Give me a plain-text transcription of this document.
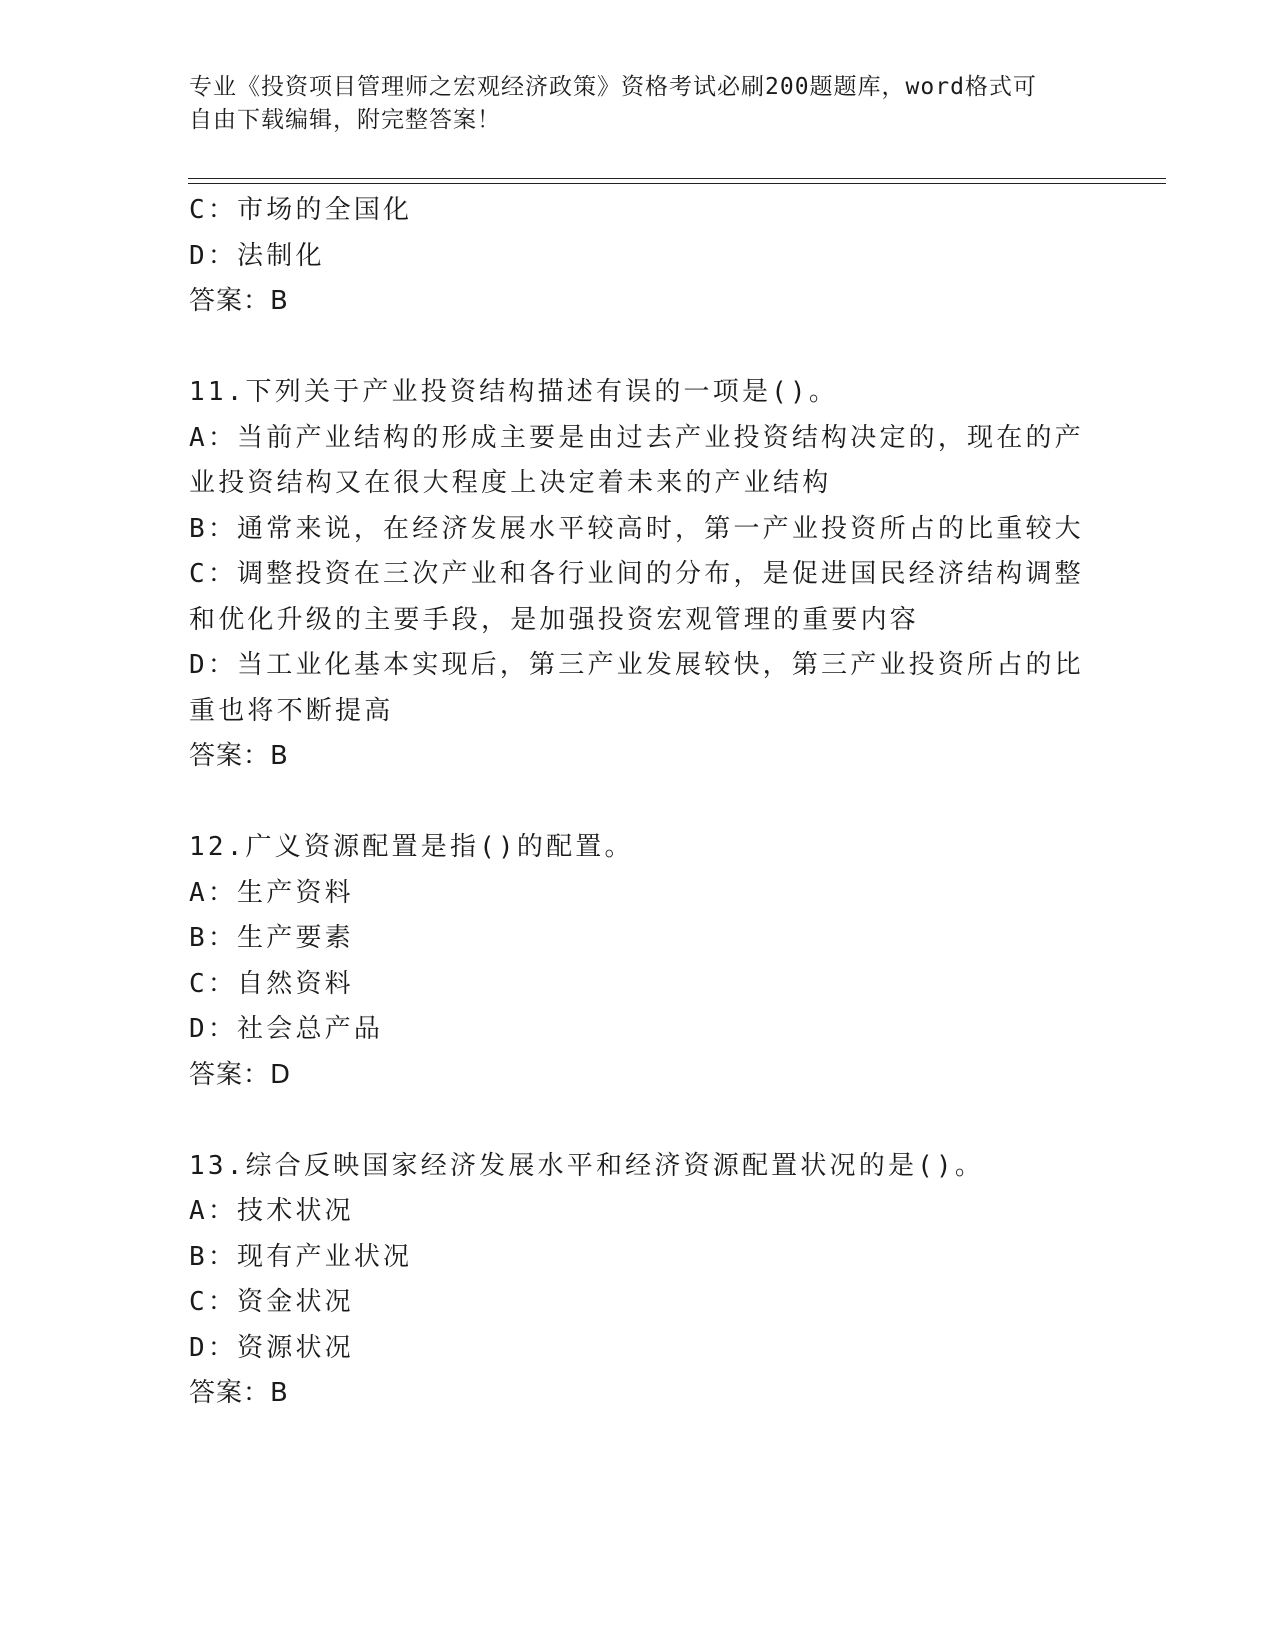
专业《投资项目管理师之宏观经济政策》资格考试必刷200题题库，word格式可
自由下载编辑，附完整答案！
C：市场的全国化
D：法制化
答案：B
11.下列关于产业投资结构描述有误的一项是()。
A：当前产业结构的形成主要是由过去产业投资结构决定的，现在的产
业投资结构又在很大程度上决定着未来的产业结构
B：通常来说，在经济发展水平较高时，第一产业投资所占的比重较大
C：调整投资在三次产业和各行业间的分布，是促进国民经济结构调整
和优化升级的主要手段，是加强投资宏观管理的重要内容
D：当工业化基本实现后，第三产业发展较快，第三产业投资所占的比
重也将不断提高
答案：B
12.广义资源配置是指()的配置。
A：生产资料
B：生产要素
C：自然资料
D：社会总产品
答案：D
13.综合反映国家经济发展水平和经济资源配置状况的是()。
A：技术状况
B：现有产业状况
C：资金状况
D：资源状况
答案：B
